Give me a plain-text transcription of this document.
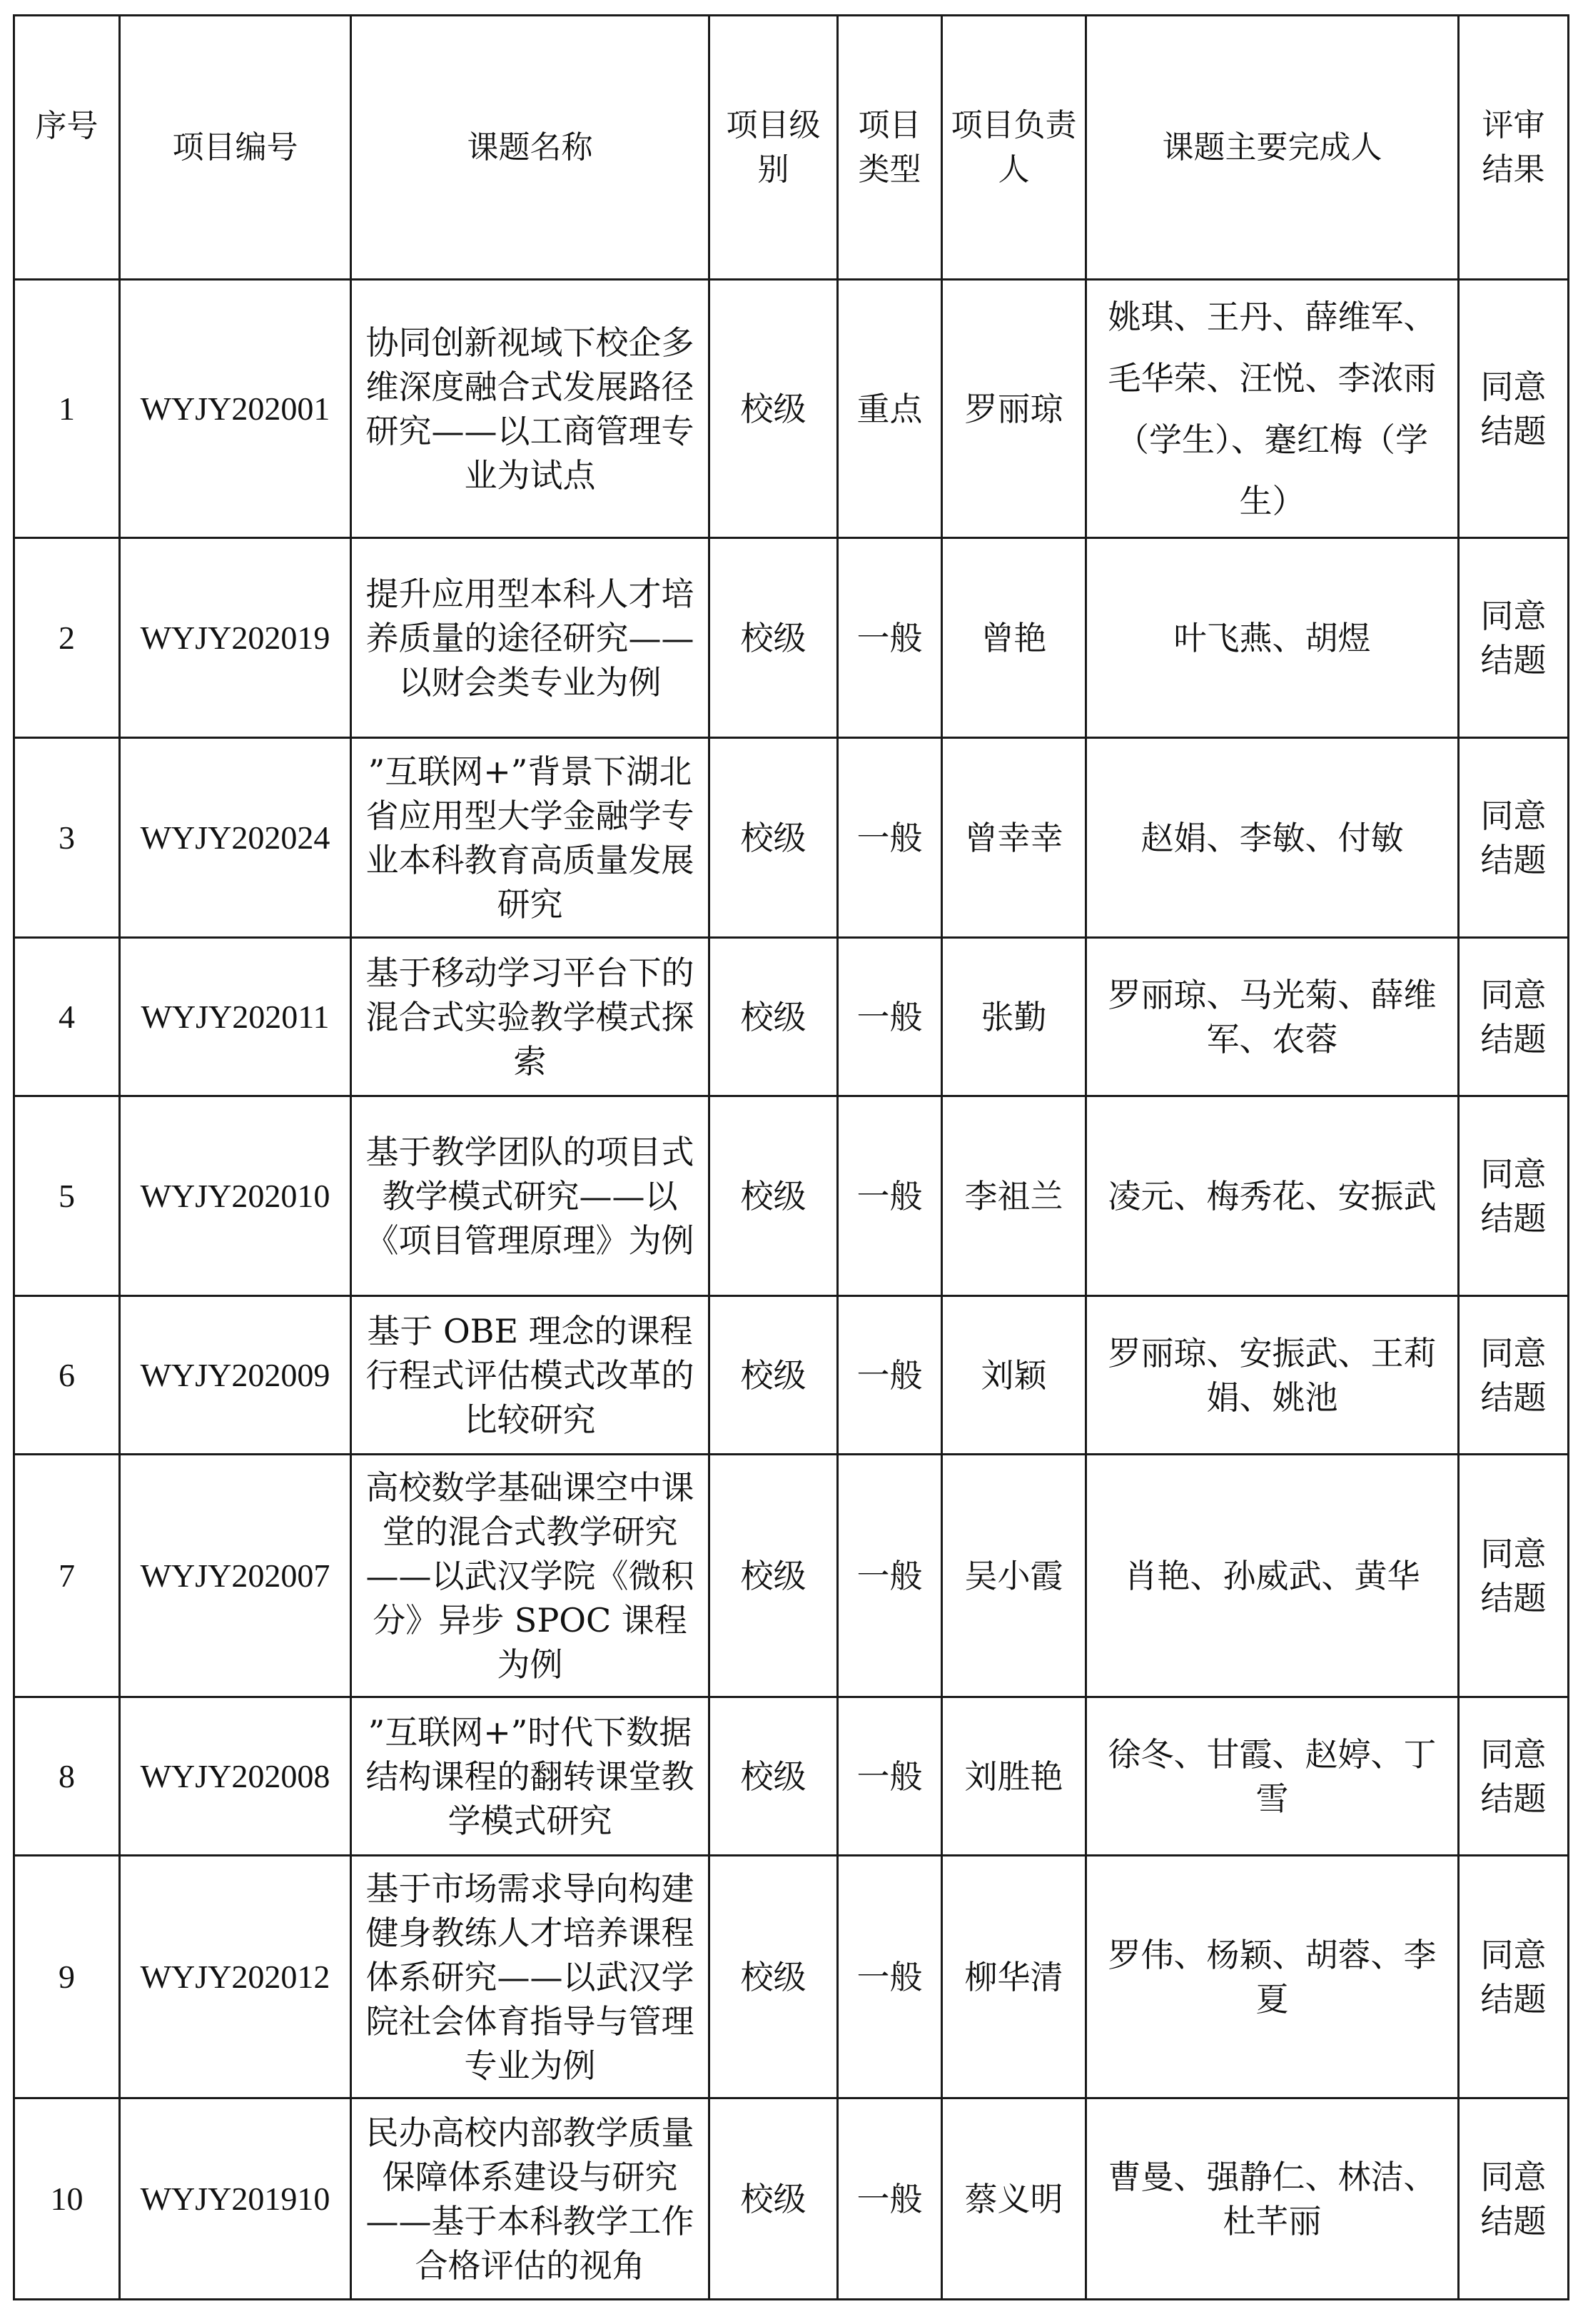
序号	项目编号	课题名称	项目级别	项目类型	项目负责人	课题主要完成人	评审结果
1	WYJY202001	协同创新视域下校企多维深度融合式发展路径研究——以工商管理专业为试点	校级	重点	罗丽琼	姚琪、王丹、薛维军、毛华荣、汪悦、李浓雨（学生）、蹇红梅（学生）	同意结题
2	WYJY202019	提升应用型本科人才培养质量的途径研究——以财会类专业为例	校级	一般	曾艳	叶飞燕、胡煜	同意结题
3	WYJY202024	”互联网+”背景下湖北省应用型大学金融学专业本科教育高质量发展研究	校级	一般	曾幸幸	赵娟、李敏、付敏	同意结题
4	WYJY202011	基于移动学习平台下的混合式实验教学模式探索	校级	一般	张勤	罗丽琼、马光菊、薛维军、农蓉	同意结题
5	WYJY202010	基于教学团队的项目式教学模式研究——以《项目管理原理》为例	校级	一般	李祖兰	凌元、梅秀花、安振武	同意结题
6	WYJY202009	基于 OBE 理念的课程行程式评估模式改革的比较研究	校级	一般	刘颖	罗丽琼、安振武、王莉娟、姚池	同意结题
7	WYJY202007	高校数学基础课空中课堂的混合式教学研究——以武汉学院《微积分》异步 SPOC 课程为例	校级	一般	吴小霞	肖艳、孙威武、黄华	同意结题
8	WYJY202008	”互联网+”时代下数据结构课程的翻转课堂教学模式研究	校级	一般	刘胜艳	徐冬、甘霞、赵婷、丁雪	同意结题
9	WYJY202012	基于市场需求导向构建健身教练人才培养课程体系研究——以武汉学院社会体育指导与管理专业为例	校级	一般	柳华清	罗伟、杨颖、胡蓉、李夏	同意结题
10	WYJY201910	民办高校内部教学质量保障体系建设与研究——基于本科教学工作合格评估的视角	校级	一般	蔡义明	曹曼、强静仁、林洁、杜芊丽	同意结题
